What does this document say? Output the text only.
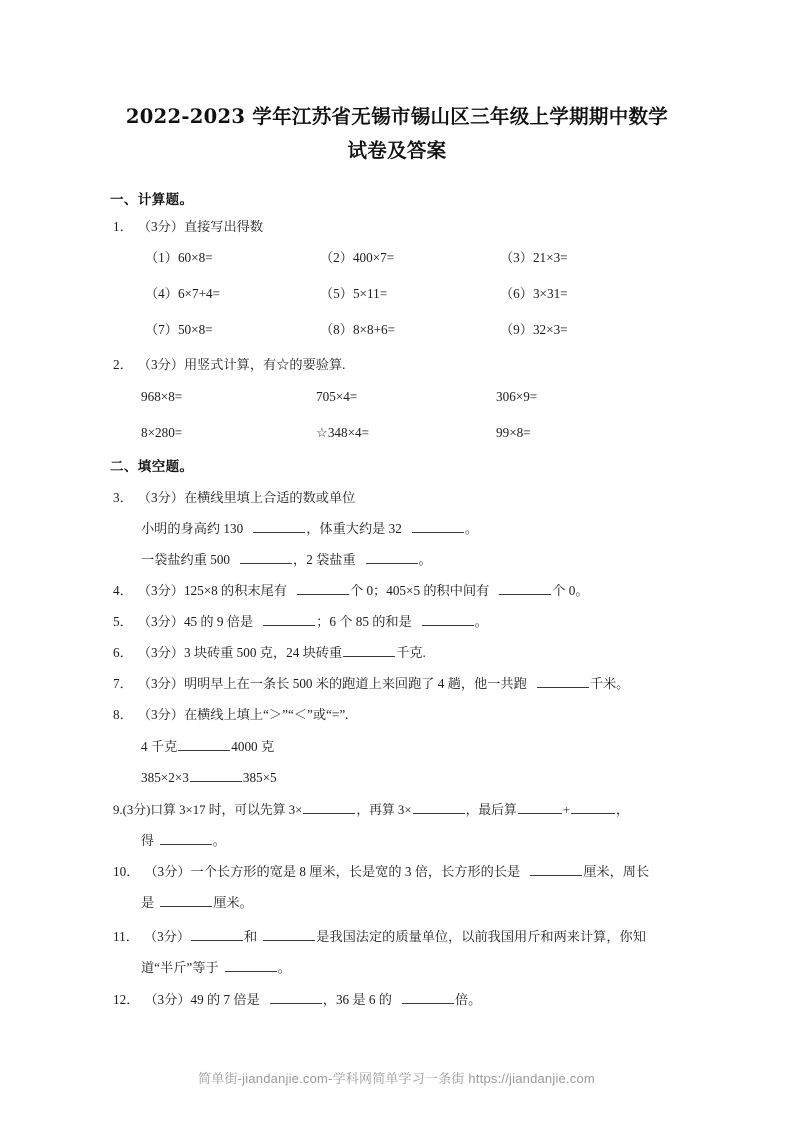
2022-2023 学年江苏省无锡市锡山区三年级上学期期中数学
试卷及答案
一、计算题。
1． （3分）直接写出得数
（1）60×8=	（2）400×7=	（3）21×3=
（4）6×7+4=	（5）5×11=	（6）3×31=
（7）50×8=	（8）8×8+6=	（9）32×3=
2． （3分）用竖式计算，有☆的要验算.
968×8=	705×4=	306×9=
8×280=	☆348×4=	99×8=
二、填空题。
3． （3分）在横线里填上合适的数或单位
小明的身高约 130	，体重大约是 32	。
一袋盐约重 500	，2 袋盐重	。
4． （3分）125×8 的积末尾有	个 0；405×5 的积中间有	个 0。
5． （3分）45 的 9 倍是	；6 个 85 的和是	。
6． （3分）3 块砖重 500 克，24 块砖重	千克.
7． （3分）明明早上在一条长 500 米的跑道上来回跑了 4 趟，他一共跑	千米。
8． （3分）在横线上填上“＞”“＜”或“=”.
4 千克	4000 克
385×2×3	385×5
9.(3分)口算 3×17 时，可以先算 3×	，再算 3×	，最后算	+	，
得	。
10． （3分）一个长方形的宽是 8 厘米，长是宽的 3 倍，长方形的长是	厘米，周长
是	厘米。
11． （3分）	和	是我国法定的质量单位，以前我国用斤和两来计算，你知
道“半斤”等于	。
12． （3分）49 的 7 倍是	，36 是 6 的	倍。
简单街-jiandanjie.com-学科网简单学习一条街 https://jiandanjie.com
